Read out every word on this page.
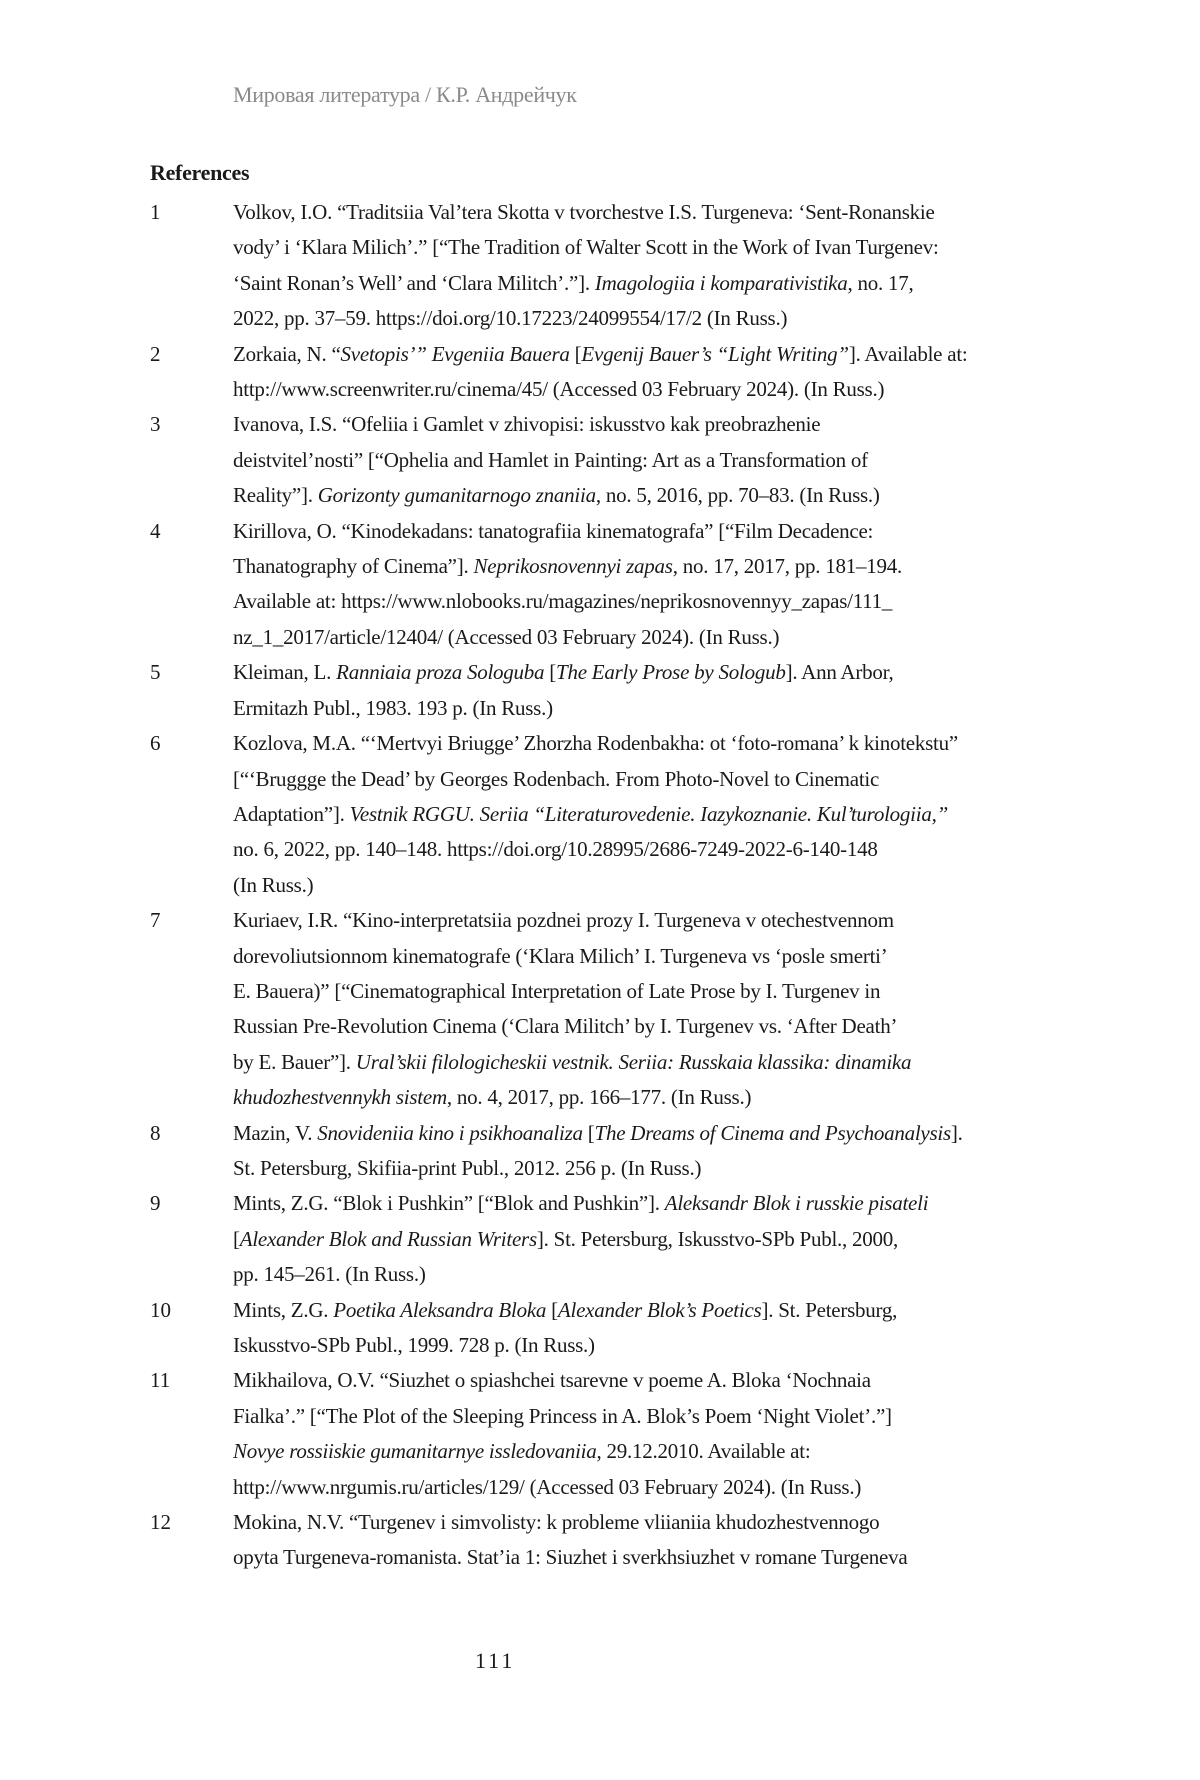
Мировая литература / К.Р. Андрейчук
References
1	Volkov, I.O. “Traditsiia Val’tera Skotta v tvorchestve I.S. Turgeneva: ‘Sent-Ronanskie
vody’ i ‘Klara Milich’.” [“The Tradition of Walter Scott in the Work of Ivan Turgenev:
‘Saint Ronan’s Well’ and ‘Clara Militch’.”]. Imagologiia i komparativistika, no. 17,
2022, pp. 37–59. https://doi.org/10.17223/24099554/17/2 (In Russ.)
2	Zorkaia, N. “Svetopis’” Evgeniia Bauera [Evgenij Bauer’s “Light Writing”]. Available at:
http://www.screenwriter.ru/cinema/45/ (Accessed 03 February 2024). (In Russ.)
3	Ivanova, I.S. “Ofeliia i Gamlet v zhivopisi: iskusstvo kak preobrazhenie
deistvitel’nosti” [“Ophelia and Hamlet in Painting: Art as a Transformation of
Reality”]. Gorizonty gumanitarnogo znaniia, no. 5, 2016, pp. 70–83. (In Russ.)
4	Kirillova, O. “Kinodekadans: tanatografiia kinematografa” [“Film Decadence:
Thanatography of Cinema”]. Neprikosnovennyi zapas, no. 17, 2017, pp. 181–194.
Available at: https://www.nlobooks.ru/magazines/neprikosnovennyy_zapas/111_
nz_1_2017/article/12404/ (Accessed 03 February 2024). (In Russ.)
5	Kleiman, L. Ranniaia proza Sologuba [The Early Prose by Sologub]. Ann Arbor,
Ermitazh Publ., 1983. 193 p. (In Russ.)
6	Kozlova, M.A. “‘Mertvyi Briugge’ Zhorzha Rodenbakha: ot ‘foto-romana’ k kinotekstu”
[“‘Bruggge the Dead’ by Georges Rodenbach. From Photo-Novel to Cinematic
Adaptation”]. Vestnik RGGU. Seriia “Literaturovedenie. Iazykoznanie. Kul’turologiia,”
no. 6, 2022, pp. 140–148. https://doi.org/10.28995/2686-7249-2022-6-140-148
(In Russ.)
7	Kuriaev, I.R. “Kino-interpretatsiia pozdnei prozy I. Turgeneva v otechestvennom
dorevoliutsionnom kinematografe (‘Klara Milich’ I. Turgeneva vs ‘posle smerti’
E. Bauera)” [“Cinematographical Interpretation of Late Prose by I. Turgenev in
Russian Pre-Revolution Cinema (‘Clara Militch’ by I. Turgenev vs. ‘After Death’
by E. Bauer”]. Ural’skii filologicheskii vestnik. Seriia: Russkaia klassika: dinamika
khudozhestvennykh sistem, no. 4, 2017, pp. 166–177. (In Russ.)
8	Mazin, V. Snovideniia kino i psikhoanaliza [The Dreams of Cinema and Psychoanalysis].
St. Petersburg, Skifiia-print Publ., 2012. 256 p. (In Russ.)
9	Mints, Z.G. “Blok i Pushkin” [“Blok and Pushkin”]. Aleksandr Blok i russkie pisateli
[Alexander Blok and Russian Writers]. St. Petersburg, Iskusstvo-SPb Publ., 2000,
pp. 145–261. (In Russ.)
10	Mints, Z.G. Poetika Aleksandra Bloka [Alexander Blok’s Poetics]. St. Petersburg,
Iskusstvo-SPb Publ., 1999. 728 p. (In Russ.)
11	Mikhailova, O.V. “Siuzhet o spiashchei tsarevne v poeme A. Bloka ‘Nochnaia
Fialka’.” [“The Plot of the Sleeping Princess in A. Blok’s Poem ‘Night Violet’.”]
Novye rossiiskie gumanitarnye issledovaniia, 29.12.2010. Available at:
http://www.nrgumis.ru/articles/129/ (Accessed 03 February 2024). (In Russ.)
12	Mokina, N.V. “Turgenev i simvolisty: k probleme vliianiia khudozhestvennogo
opyta Turgeneva-romanista. Stat’ia 1: Siuzhet i sverkhsiuzhet v romane Turgeneva
111
